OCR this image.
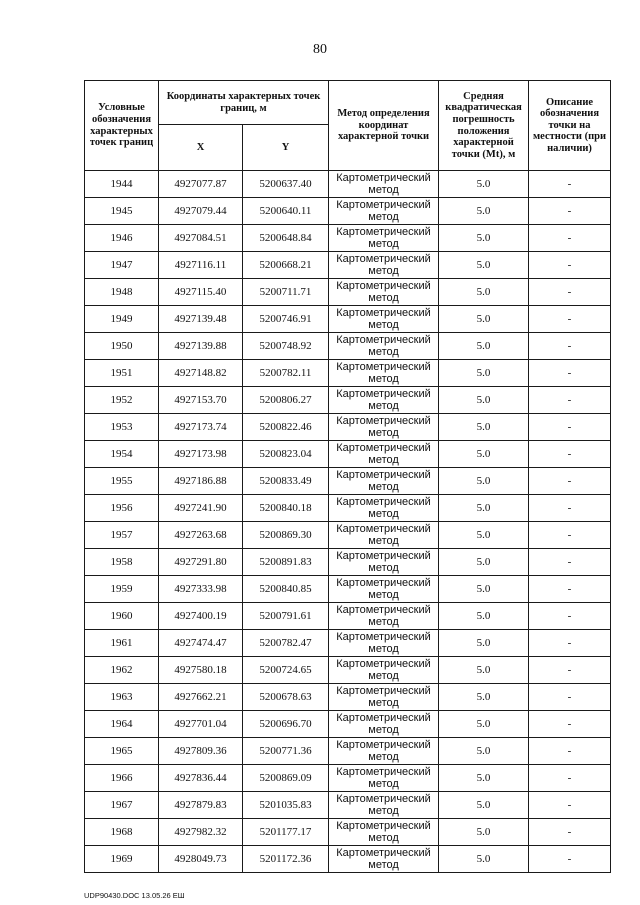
80
Условные обозначения характерных точек границ	Координаты характерных точек границ, м		Метод определения координат характерной точки	Средняя квадратическая погрешность положения характерной точки (Mt), м	Описание обозначения точки на местности (при наличии)
	X	Y			
1944	4927077.87	5200637.40	Картометрический метод	5.0	-
1945	4927079.44	5200640.11	Картометрический метод	5.0	-
1946	4927084.51	5200648.84	Картометрический метод	5.0	-
1947	4927116.11	5200668.21	Картометрический метод	5.0	-
1948	4927115.40	5200711.71	Картометрический метод	5.0	-
1949	4927139.48	5200746.91	Картометрический метод	5.0	-
1950	4927139.88	5200748.92	Картометрический метод	5.0	-
1951	4927148.82	5200782.11	Картометрический метод	5.0	-
1952	4927153.70	5200806.27	Картометрический метод	5.0	-
1953	4927173.74	5200822.46	Картометрический метод	5.0	-
1954	4927173.98	5200823.04	Картометрический метод	5.0	-
1955	4927186.88	5200833.49	Картометрический метод	5.0	-
1956	4927241.90	5200840.18	Картометрический метод	5.0	-
1957	4927263.68	5200869.30	Картометрический метод	5.0	-
1958	4927291.80	5200891.83	Картометрический метод	5.0	-
1959	4927333.98	5200840.85	Картометрический метод	5.0	-
1960	4927400.19	5200791.61	Картометрический метод	5.0	-
1961	4927474.47	5200782.47	Картометрический метод	5.0	-
1962	4927580.18	5200724.65	Картометрический метод	5.0	-
1963	4927662.21	5200678.63	Картометрический метод	5.0	-
1964	4927701.04	5200696.70	Картометрический метод	5.0	-
1965	4927809.36	5200771.36	Картометрический метод	5.0	-
1966	4927836.44	5200869.09	Картометрический метод	5.0	-
1967	4927879.83	5201035.83	Картометрический метод	5.0	-
1968	4927982.32	5201177.17	Картометрический метод	5.0	-
1969	4928049.73	5201172.36	Картометрический метод	5.0	-
UDP90430.DOC 13.05.26 ЕШ
